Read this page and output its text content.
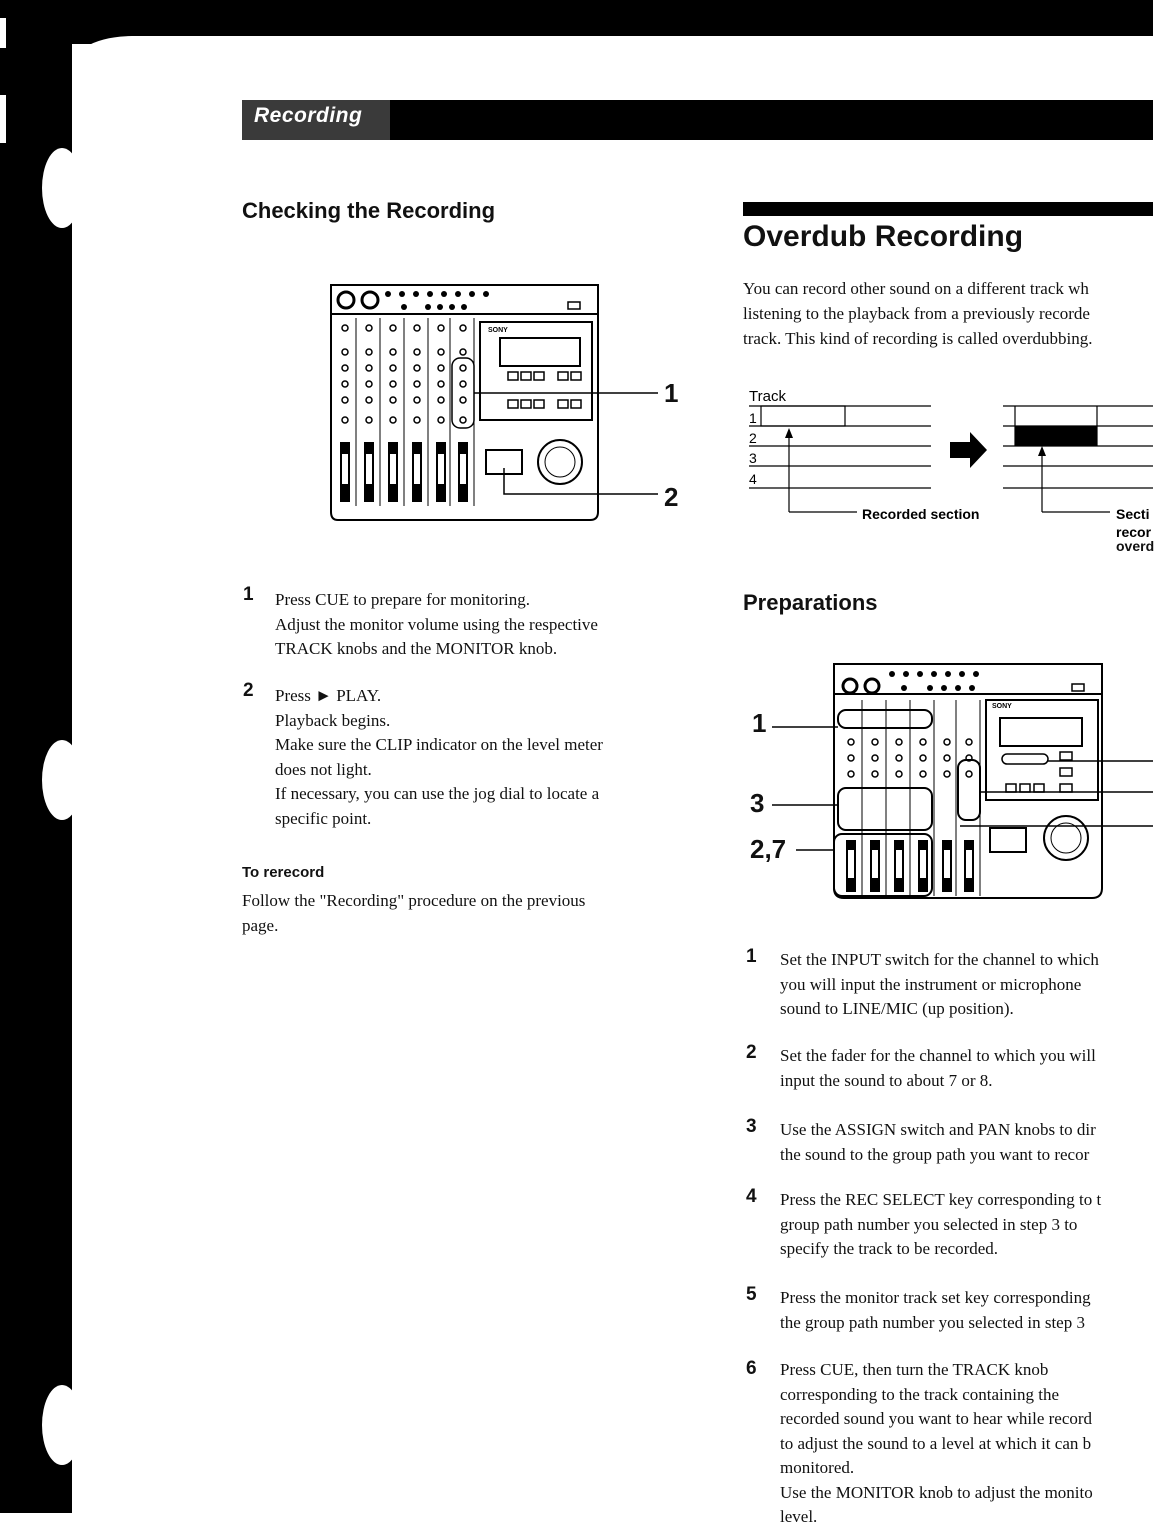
Recording
Checking the Recording
SONY
1
2
1 Press CUE to prepare for monitoring.
Adjust the monitor volume using the respective
TRACK knobs and the MONITOR knob.
2 Press ► PLAY.
Playback begins.
Make sure the CLIP indicator on the level meter
does not light.
If necessary, you can use the jog dial to locate a
specific point.
To rerecord
Follow the "Recording" procedure on the previous
page.
Overdub Recording
You can record other sound on a different track wh
listening to the playback from a previously recorde
track. This kind of recording is called overdubbing.
Track
1
2
3
4
Recorded section	Secti
recor
overd
Preparations
SONY
1
3
2,7
1 Set the INPUT switch for the channel to which
you will input the instrument or microphone
sound to LINE/MIC (up position).
2 Set the fader for the channel to which you will
input the sound to about 7 or 8.
3 Use the ASSIGN switch and PAN knobs to dir
the sound to the group path you want to recor
4 Press the REC SELECT key corresponding to t
group path number you selected in step 3 to
specify the track to be recorded.
5 Press the monitor track set key corresponding
the group path number you selected in step 3
6 Press CUE, then turn the TRACK knob
corresponding to the track containing the
recorded sound you want to hear while record
to adjust the sound to a level at which it can b
monitored.
Use the MONITOR knob to adjust the monito
level.
